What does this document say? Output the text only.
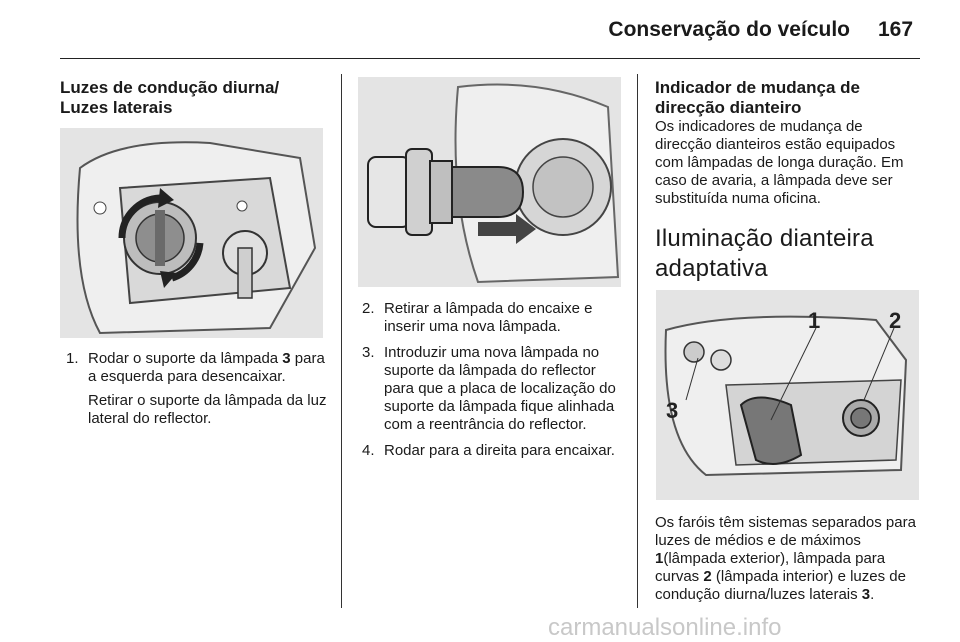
Conservação do veículo 167
Luzes de condução diurna/
Luzes laterais
1. Rodar o suporte da lâmpada 3 para a esquerda para desencaixar.

Retirar o suporte da lâmpada da luz lateral do reflector.

2. Retirar a lâmpada do encaixe e inserir uma nova lâmpada.
3. Introduzir uma nova lâmpada no suporte da lâmpada do reflector para que a placa de localização do suporte da lâmpada fique alinhada com a reentrância do reflector.
4. Rodar para a direita para encaixar.
Indicador de mudança de
direcção dianteiro

Os indicadores de mudança de direcção dianteiros estão equipados com lâmpadas de longa duração. Em caso de avaria, a lâmpada deve ser substituída numa oficina.

Iluminação dianteira
adaptativa
1	2
3

Os faróis têm sistemas separados para luzes de médios e de máximos 1(lâmpada exterior), lâmpada para curvas 2 (lâmpada interior) e luzes de condução diurna/luzes laterais 3.

carmanualsonline.info
